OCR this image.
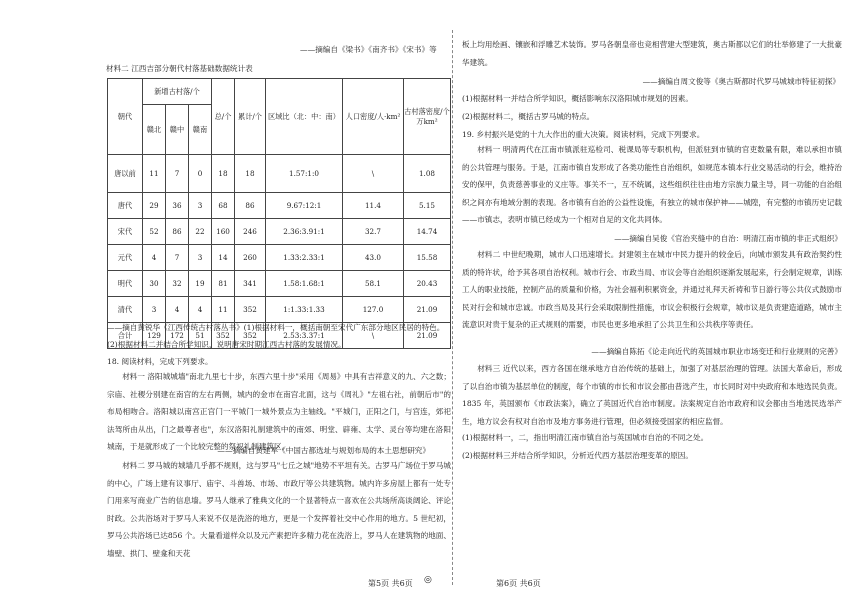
——摘编自《梁书》《南齐书》《宋书》等
材料二 江西吉部分朝代村落基础数据统计表
朝代	新增古村落/个			总/个	累计/个	区域比（北：中：南）	人口密度/人·km²	古村落密度/个 万km²
	赣北	赣中	赣南					
唐以前	11	7	0	18	18	1.57:1:0	\	1.08
唐代	29	36	3	68	86	9.67:12:1	11.4	5.15
宋代	52	86	22	160	246	2.36:3.91:1	32.7	14.74
元代	4	7	3	14	260	1.33:2.33:1	43.0	15.58
明代	30	32	19	81	341	1.58:1.68:1	58.1	20.43
清代	3	4	4	11	352	1:1.33:1.33	127.0	21.09
合计	129	172	51	352	352	2.53:3.37:1	\	21.09
——摘自黄锐华《江西传统古村落丛书》(1)根据材料一，概括南朝至宋代广东部分地区民居的特色。
(2)根据材料二并结合所学知识，说明唐宋时期江西古村落的发展情况。
18. 阅读材料，完成下列要求。

材料一 洛阳城城墙"南北九里七十步，东西六里十步"采用《周易》中具有吉祥意义的九、六之数；宗庙、社稷分别建在南宫的左右两侧，城内的金市在南宫北面，这与《周礼》"左祖右社，前朝后市"的布局相吻合。洛阳城以南宫正宫门一平城门一城外景点为主轴线。"平城门，正阳之门，与宫连，郊祀法驾所由从出，门之最尊者也"，东汉洛阳礼制建筑中的南郊、明堂、辟雍、太学、灵台等均建在洛阳城南，于是就形成了一个比较完整的祭祀礼制建筑区。

——摘编自黄建军《中国古都选址与规划布局的本土思想研究》

材料二 罗马城的城墙几乎都不规则，这与罗马"七丘之城"地势不平坦有关。古罗马广场位于罗马城的中心，广场上建有议事厅、庙宇、斗兽场、市场、市政厅等公共建筑物。城内许多房屋上都有一处专门用来写商业广告的信息墙。罗马人继承了雅典文化的一个显著特点一喜欢在公共场所高谈阔论、评论时政。公共浴场对于罗马人来说不仅是洗浴的地方，更是一个发挥着社交中心作用的地方。5 世纪初，罗马公共浴场已达856 个。大量看道样众以及元产素把许多精力花在洗浴上，罗马人在建筑物的地面、墙壁、拱门、壁龛和天花

第5页 共6页 ◎

板上均用绘画、镶嵌和浮雕艺术装饰。罗马各朝皇帝也竞相营建大型建筑，奥古斯都以它们的壮举修建了一大批豪华建筑。

——摘编自周文俊等《奥古斯都时代罗马城城市特征初探》
(1)根据材料一并结合所学知识，概括影响东汉洛阳城市规划的因素。
(2)根据材料二，概括古罗马城的特点。
19. 乡村振兴是党的十九大作出的重大决策。阅读材料，完成下列要求。

材料一 明清两代在江南市镇派驻巡检司、税课局等专职机构，但派驻到市镇的官吏数量有限，难以承担市镇的公共管理与服务。于是，江南市镇自发形成了各类功能性自治组织，如规范本镇本行业交易活动的行会，维持治安的保甲，负责慈善事业的义庄等。事关不一，互不统属，这些组织往往由地方宗族力量主导，同一功能的自治组织之间亦有地域分割的表现。各市镇有自治的公益性设施，有独立的城市保护神——城隍，有完整的市镇历史记载——市镇志，表明市镇已经成为一个相对自足的文化共同体。

——摘编自吴俊《官治夹缝中的自治：明清江南市镇的非正式组织》

材料二 中世纪晚期，城市人口迅速增长。封建领主在城市中民力提升的较金后，向城市颁发具有政治契约性质的特许状，给予其各项自治权利。城市行会、市政当局、市议会等自治组织逐渐发展起来，行会制定规章，训练工人的职业技能，控制产品的质量和价格，为社会福利积累资金，并通过礼拜天祈祷和节日游行等公共仪式鼓励市民对行会和城市忠诚。市政当局及其行会采取限制性措施，市议会积极行会规章，城市议是负责建造道路，城市主流意识对贵于复杂的正式规则的需要，市民也更多地承担了公共卫生和公共秩序等责任。

——摘编自陈拓《论走向近代的英国城市职业市场变迁和行业规则的完善》

材料三 近代以来，西方各国在继承地方自治传统的基础上，加强了对基层治理的管理。法国大革命后，形成了以自治市镇为基层单位的制度，每个市镇的市长和市议会都由普选产生，市长同时对中央政府和本地选民负责。1835 年，英国颁布《市政法案》，确立了英国近代自治市制度。法案规定自治市政府和议会都由当地选民选举产生，地方议会有权对自治市及地方事务进行管理，但必须接受国家的相应监督。

(1)根据材料一，二，指出明清江南市镇自治与英国城市自治的不同之处。
(2)根据材料三并结合所学知识，分析近代西方基层治理变革的原因。
第6页 共6页
